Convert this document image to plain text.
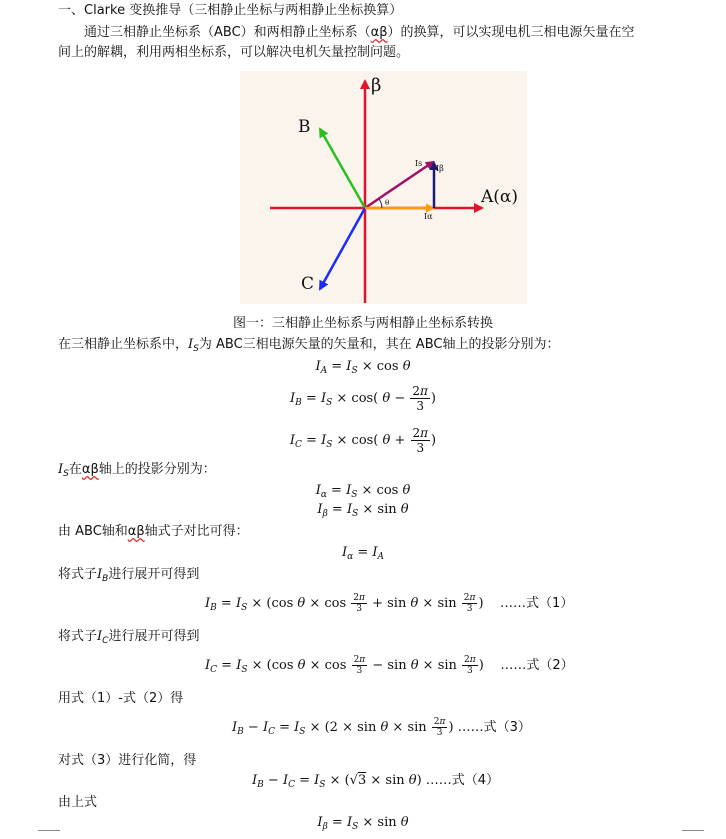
一、Clarke 变换推导（三相静止坐标与两相静止坐标换算）
通过三相静止坐标系（ABC）和两相静止坐标系（αβ）的换算，可以实现电机三相电源矢量在空
间上的解耦，利用两相坐标系，可以解决电机矢量控制问题。
β
A(α)
B
C
Is
Iβ
Iα
θ
图一：三相静止坐标系与两相静止坐标系转换
在三相静止坐标系中，$I_S$为 ABC三相电源矢量的矢量和，其在 ABC轴上的投影分别为：
$I_A = I_S \times \cos \theta$
$I_B = I_S \times \cos$( $\theta - \frac{2\pi}{3}$ )
$I_C = I_S \times \cos$( $\theta + \frac{2\pi}{3}$ )
$I_S$在αβ轴上的投影分别为：
$I_\alpha = I_S \times \cos \theta$
$I_\beta = I_S \times \sin \theta$
由 ABC轴和αβ轴式子对比可得：
$I_\alpha = I_A$
将式子$I_B$进行展开可得到
$I_B = I_S \times (\cos$ $\theta \times \cos \frac{2\pi}{3} + \sin \theta \times \sin \frac{2\pi}{3}$ )    ……式（1）
将式子$I_C$进行展开可得到
$I_C = I_S \times (\cos$ $\theta \times \cos \frac{2\pi}{3} - \sin \theta \times \sin \frac{2\pi}{3}$ )    ……式（2）
用式（1）-式（2）得
$I_B - I_C = I_S \times (2 \times \sin \theta \times \sin \frac{2\pi}{3}$ ) ……式（3）
对式（3）进行化简，得
$I_B - I_C = I_S \times (√3 \times \sin \theta)$ ……式（4）
由上式
$I_\beta = I_S \times \sin \theta$
